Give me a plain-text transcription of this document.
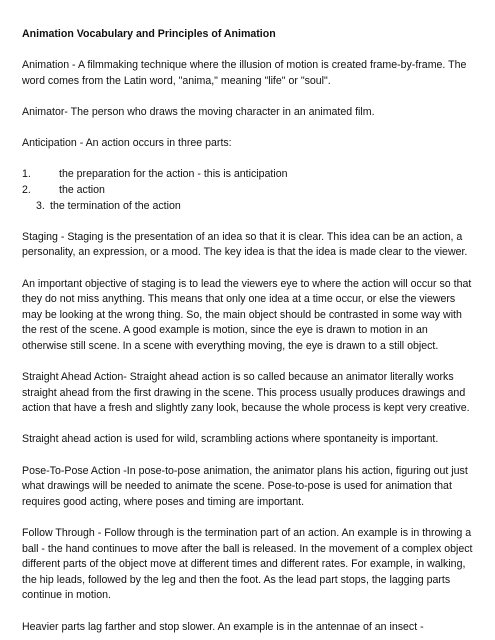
Animation Vocabulary and Principles of Animation
Animation - A filmmaking technique where the illusion of motion is created frame-by-frame. The word comes from the Latin word, "anima," meaning "life" or "soul".
Animator- The person who draws the moving character in an animated film.
Anticipation - An action occurs in three parts:
1.	the preparation for the action - this is anticipation
2.	the action
3. the termination of the action
Staging - Staging is the presentation of an idea so that it is clear. This idea can be an action, a personality, an expression, or a mood. The key idea is that the idea is made clear to the viewer.
An important objective of staging is to lead the viewers eye to where the action will occur so that they do not miss anything. This means that only one idea at a time occur, or else the viewers may be looking at the wrong thing. So, the main object should be contrasted in some way with the rest of the scene. A good example is motion, since the eye is drawn to motion in an otherwise still scene. In a scene with everything moving, the eye is drawn to a still object.
Straight Ahead Action- Straight ahead action is so called because an animator literally works straight ahead from the first drawing in the scene. This process usually produces drawings and action that have a fresh and slightly zany look, because the whole process is kept very creative.
Straight ahead action is used for wild, scrambling actions where spontaneity is important.
Pose-To-Pose Action -In pose-to-pose animation, the animator plans his action, figuring out just what drawings will be needed to animate the scene. Pose-to-pose is used for animation that requires good acting, where poses and timing are important.
Follow Through - Follow through is the termination part of an action. An example is in throwing a ball - the hand continues to move after the ball is released. In the movement of a complex object different parts of the object move at different times and different rates. For example, in walking, the hip leads, followed by the leg and then the foot. As the lead part stops, the lagging parts continue in motion.
Heavier parts lag farther and stop slower. An example is in the antennae of an insect -
